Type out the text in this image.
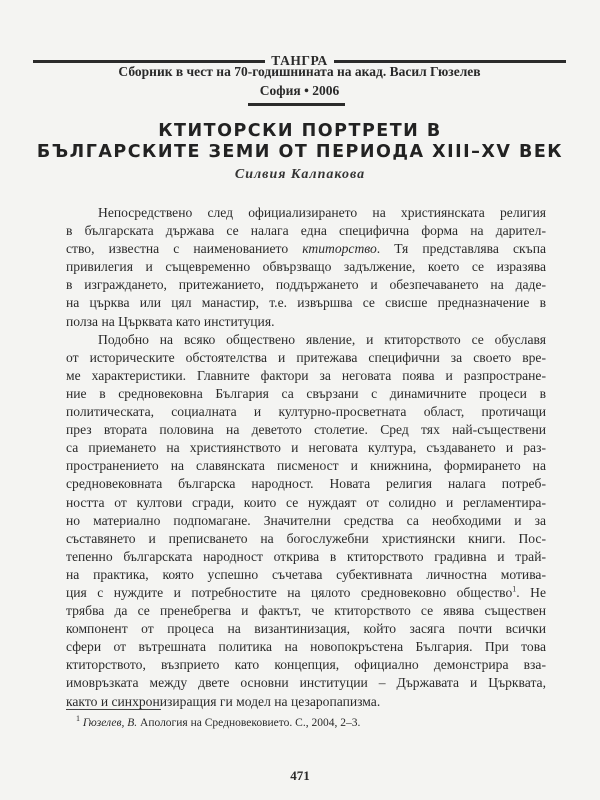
ТАНГРА
Сборник в чест на 70-годишнината на акад. Васил Гюзелев
София • 2006
КТИТОРСКИ ПОРТРЕТИ В
БЪЛГАРСКИТЕ ЗЕМИ ОТ ПЕРИОДА XIII–XV ВЕК
Силвия Калпакова
Непосредствено след официализирането на християнската религия
в българската държава се налага една специфична форма на дарител-
ство, известна с наименованието ктиторство. Тя представлява скъпа
привилегия и същевременно обвързващо задължение, което се изразява
в изграждането, притежанието, поддържането и обезпечаването на даде-
на църква или цял манастир, т.е. извършва се свисше предназначение в
полза на Църквата като институция.
Подобно на всяко обществено явление, и ктиторството се обуславя
от историческите обстоятелства и притежава специфични за своето вре-
ме характеристики. Главните фактори за неговата поява и разпростране-
ние в средновековна България са свързани с динамичните процеси в
политическата, социалната и културно-просветната област, протичащи
през втората половина на деветото столетие. Сред тях най-съществени
са приемането на християнството и неговата култура, създаването и раз-
пространението на славянската писменост и книжнина, формирането на
средновековната българска народност. Новата религия налага потреб-
ността от култови сгради, които се нуждаят от солидно и регламентира-
но материално подпомагане. Значителни средства са необходими и за
съставянето и преписването на богослужебни християнски книги. Пос-
тепенно българската народност открива в ктиторството градивна и трай-
на практика, която успешно съчетава субективната личностна мотива-
ция с нуждите и потребностите на цялото средновековно общество$^1$. Не
трябва да се пренебрегва и фактът, че ктиторството се явява съществен
компонент от процеса на византинизация, който засяга почти всички
сфери от вътрешната политика на новопокръстена България. При това
ктиторството, възприето като концепция, официално демонстрира вза-
имовръзката между двете основни институции – Държавата и Църквата,
както и синхронизиращия ги модел на цезаропапизма.
$^1$ Гюзелев, В. Апология на Средновековието. С., 2004, 2–3.
471
